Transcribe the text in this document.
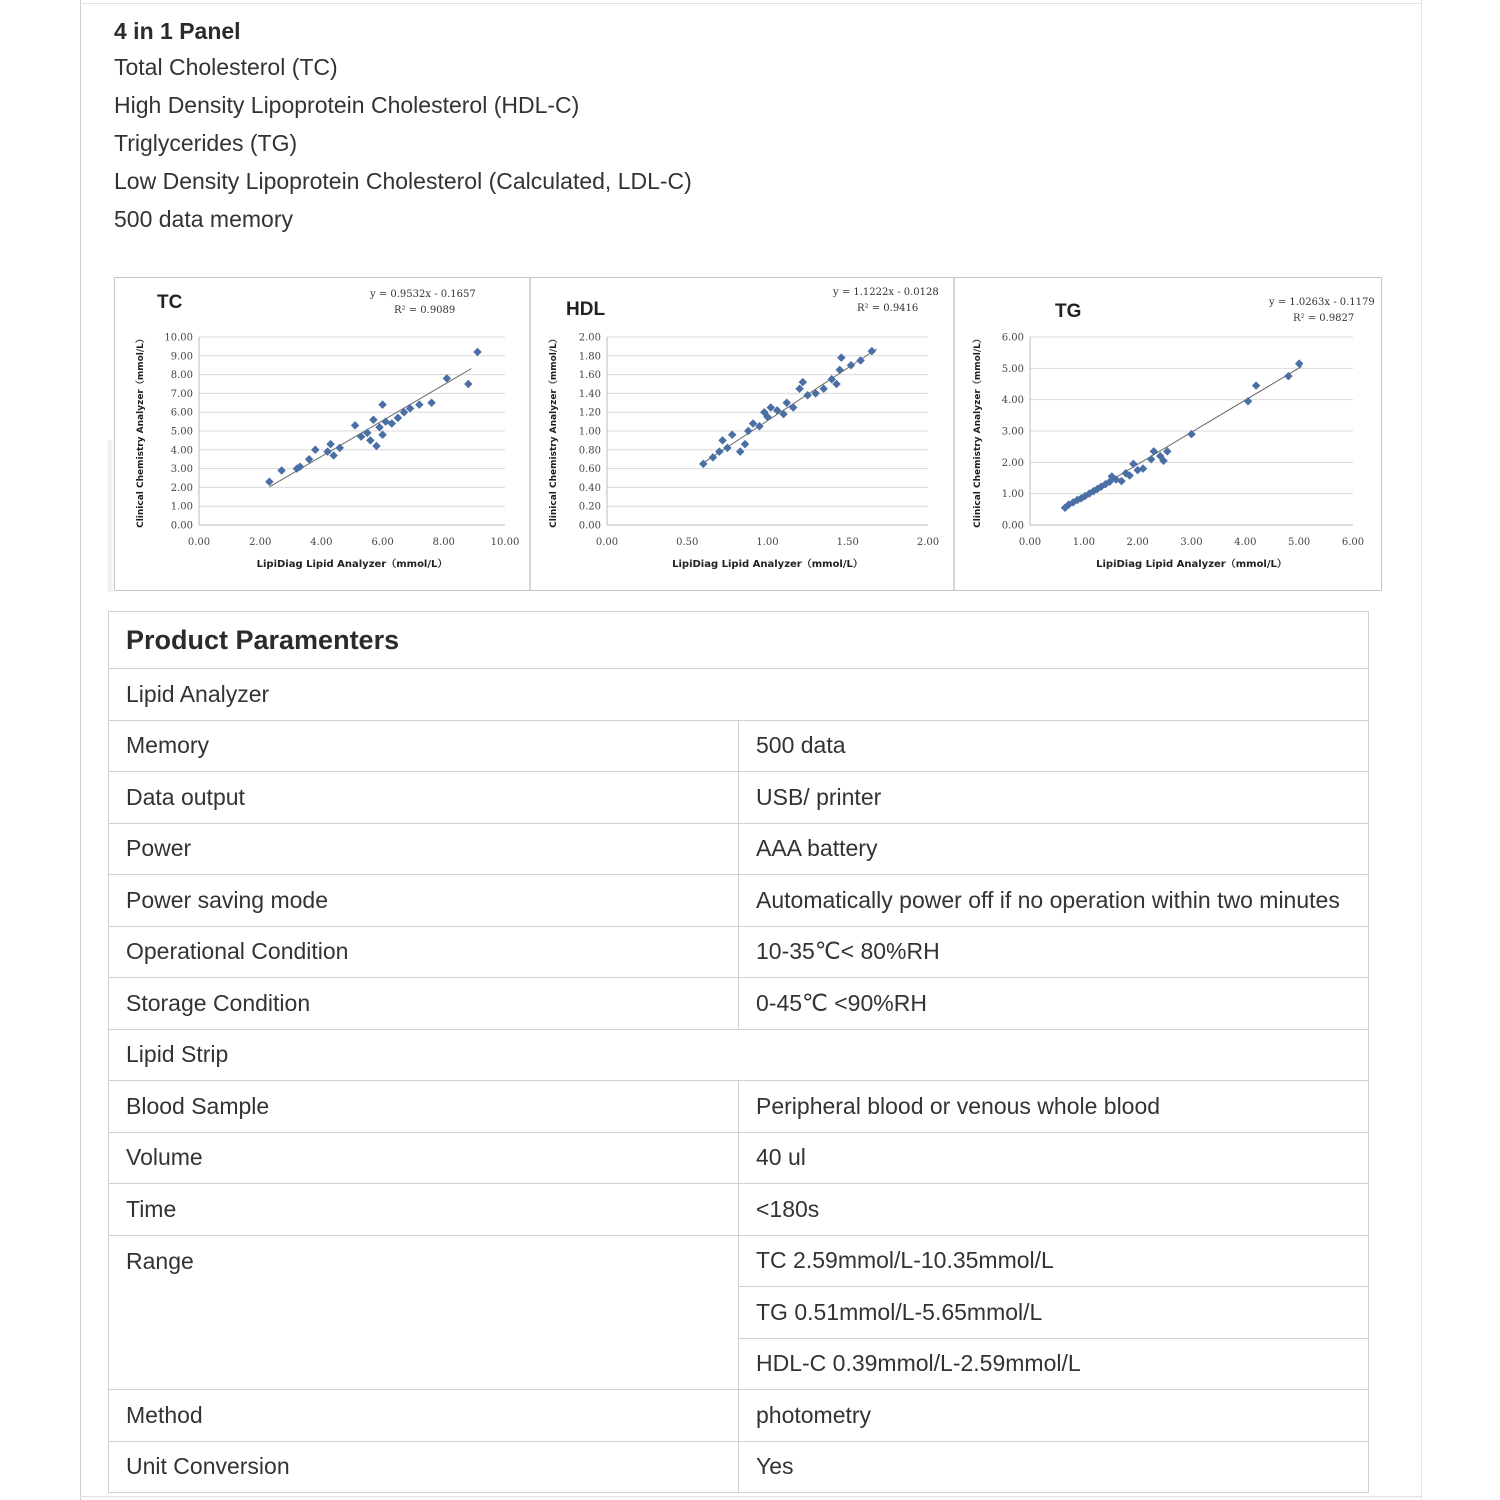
4 in 1 Panel
Total Cholesterol (TC)
High Density Lipoprotein Cholesterol (HDL-C)
Triglycerides (TG)
Low Density Lipoprotein Cholesterol (Calculated, LDL-C)
500 data memory
0.00
1.00
2.00
3.00
4.00
5.00
6.00
7.00
8.00
9.00
10.00
0.00	2.00	4.00	6.00	8.00	10.00
TC	y = 0.9532x - 0.1657
R² = 0.9089
LipiDiag Lipid Analyzer（mmol/L）
Clinical Chemistry Analyzer（mmol/L）	0.00
0.20
0.40
0.60
0.80
1.00
1.20
1.40
1.60
1.80
2.00
0.00	0.50	1.00	1.50	2.00
HDL
y = 1.1222x - 0.0128
R² = 0.9416
LipiDiag Lipid Analyzer（mmol/L）
Clinical Chemistry Analyzer（mmol/L）	0.00
1.00
2.00
3.00
4.00
5.00
6.00
0.00	1.00	2.00	3.00	4.00	5.00	6.00
TG	y = 1.0263x - 0.1179
R² = 0.9827
LipiDiag Lipid Analyzer（mmol/L）
Clinical Chemistry Analyzer（mmol/L）
Product Paramenters	
Lipid Analyzer	
Memory	500 data
Data output	USB/ printer
Power	AAA battery
Power saving mode	Automatically power off if no operation within two minutes
Operational Condition	10-35℃< 80%RH
Storage Condition	0-45℃ <90%RH
Lipid Strip	
Blood Sample	Peripheral blood or venous whole blood
Volume	40 ul
Time	<180s
Range	TC 2.59mmol/L-10.35mmol/L
	TG 0.51mmol/L-5.65mmol/L
	HDL-C 0.39mmol/L-2.59mmol/L
Method	photometry
Unit Conversion	Yes
